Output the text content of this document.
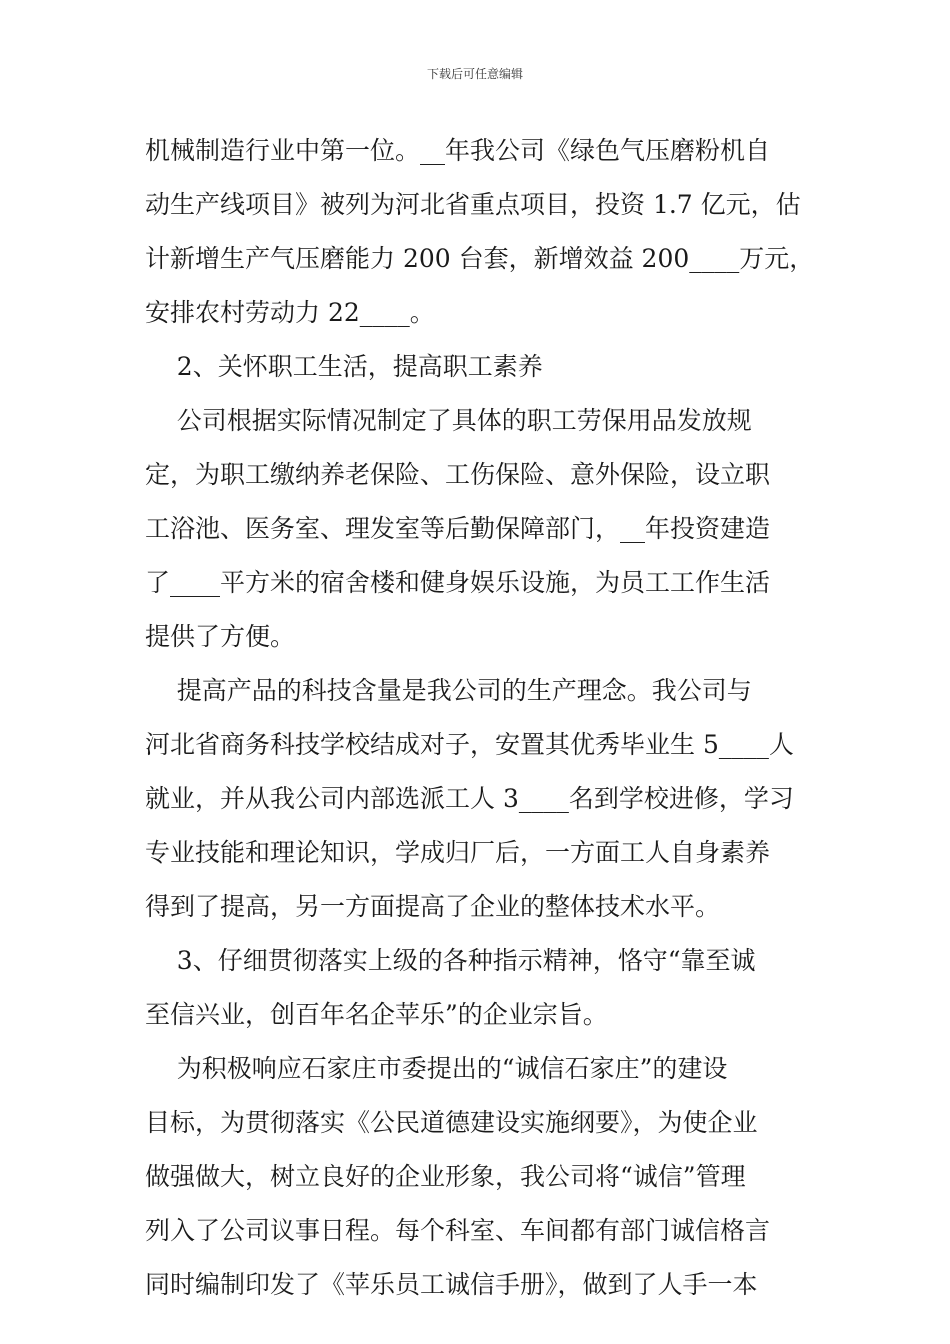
下载后可任意编辑
机械制造行业中第一位。__年我公司《绿色气压磨粉机自
动生产线项目》被列为河北省重点项目，投资 1.7 亿元，估
计新增生产气压磨能力 200 台套，新增效益 200____万元，
安排农村劳动力 22____。
2、关怀职工生活，提高职工素养
公司根据实际情况制定了具体的职工劳保用品发放规
定，为职工缴纳养老保险、工伤保险、意外保险，设立职
工浴池、医务室、理发室等后勤保障部门，__年投资建造
了____平方米的宿舍楼和健身娱乐设施，为员工工作生活
提供了方便。
提高产品的科技含量是我公司的生产理念。我公司与
河北省商务科技学校结成对子，安置其优秀毕业生 5____人
就业，并从我公司内部选派工人 3____名到学校进修，学习
专业技能和理论知识，学成归厂后，一方面工人自身素养
得到了提高，另一方面提高了企业的整体技术水平。
3、仔细贯彻落实上级的各种指示精神，恪守“靠至诚
至信兴业，创百年名企苹乐”的企业宗旨。
为积极响应石家庄市委提出的“诚信石家庄”的建设
目标，为贯彻落实《公民道德建设实施纲要》，为使企业
做强做大，树立良好的企业形象，我公司将“诚信”管理
列入了公司议事日程。每个科室、车间都有部门诚信格言
同时编制印发了《苹乐员工诚信手册》，做到了人手一本
